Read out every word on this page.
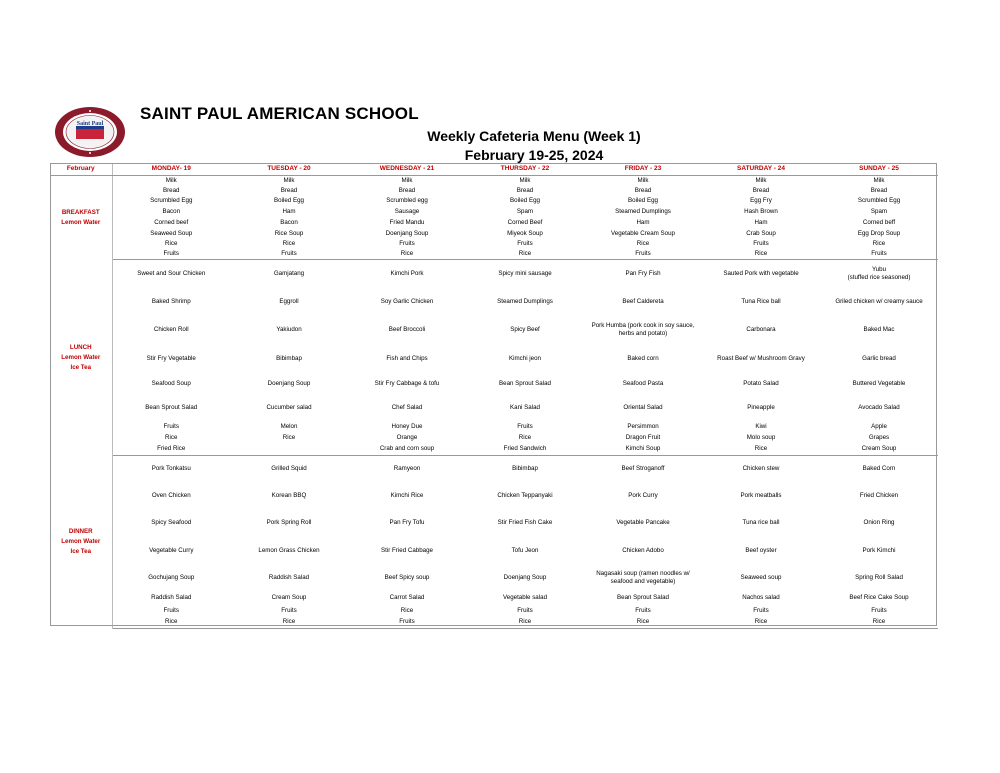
Saint Paul
SAINT PAUL AMERICAN SCHOOL
Weekly Cafeteria Menu (Week 1)
February 19-25, 2024
February	MONDAY- 19	TUESDAY - 20	WEDNESDAY - 21	THURSDAY - 22	FRIDAY - 23	SATURDAY - 24	SUNDAY - 25
BREAKFAST Lemon Water	Milk	Milk	Milk	Milk	Milk	Milk	Milk
	Bread	Bread	Bread	Bread	Bread	Bread	Bread
	Scrumbled Egg	Boiled Egg	Scrumbled egg	Boiled Egg	Boiled Egg	Egg Fry	Scrumbled Egg
	Bacon	Ham	Sausage	Spam	Steamed Dumplings	Hash Brown	Spam
	Corned beef	Bacon	Fried Mandu	Corned Beef	Ham	Ham	Corned beff
	Seaweed Soup	Rice Soup	Doenjang Soup	Miyeok Soup	Vegetable Cream Soup	Crab Soup	Egg Drop Soup
	Rice	Rice	Fruits	Fruits	Rice	Fruits	Rice
	Fruits	Fruits	Rice	Rice	Fruits	Rice	Fruits
LUNCH
Lemon Water
Ice Tea	Sweet and Sour Chicken	Gamjatang	Kimchi Pork	Spicy mini sausage	Pan Fry Fish	Sauted Pork with vegetable	Yubu
(stuffed rice seasoned)
	Baked Shrimp	Eggroll	Soy Garlic Chicken	Steamed Dumplings	Beef Caldereta	Tuna Rice ball	Griled chicken w/ creamy sauce
	Chicken Roll	Yakiudon	Beef Broccoli	Spicy Beef	Pork Humba (pork cook in soy sauce, herbs and potato)	Carbonara	Baked Mac
	Stir Fry Vegetable	Bibimbap	Fish and Chips	Kimchi jeon	Baked corn	Roast Beef w/ Mushroom Gravy	Garlic bread
	Seafood Soup	Doenjang Soup	Stir Fry Cabbage & tofu	Bean Sprout Salad	Seafood Pasta	Potato Salad	Buttered Vegetable
	Bean Sprout Salad	Cucumber salad	Chef Salad	Kani Salad	Oriental Salad	Pineapple	Avocado Salad
	Fruits	Melon	Honey Due	Fruits	Persimmon	Kiwi	Apple
	Rice	Rice	Orange	Rice	Dragon Fruit	Molo soup	Grapes
	Fried Rice		Crab and corn soup	Fried Sandwich	Kimchi Soup	Rice	Cream Soup
DINNER
Lemon Water
Ice Tea	Pork Tonkatsu	Grilled Squid	Ramyeon	Bibimbap	Beef Stroganoff	Chicken stew	Baked Corn
	Oven Chicken	Korean BBQ	Kimchi Rice	Chicken Teppanyaki	Pork Curry	Pork meatballs	Fried Chicken
	Spicy Seafood	Pork Spring Roll	Pan Fry Tofu	Stir Fried Fish Cake	Vegetable Pancake	Tuna rice ball	Onion Ring
	Vegetable Curry	Lemon Grass Chicken	Stir Fried Cabbage	Tofu Jeon	Chicken Adobo	Beef oyster	Pork Kimchi
	Gochujang Soup	Raddish Salad	Beef Spicy soup	Doenjang Soup	Nagasaki soup (ramen noodles w/ seafood and vegetable)	Seaweed soup	Spring Roll Salad
	Raddish Salad	Cream Soup	Carrot Salad	Vegetable salad	Bean Sprout Salad	Nachos salad	Beef Rice Cake Soup
	Fruits	Fruits	Rice	Fruits	Fruits	Fruits	Fruits
	Rice	Rice	Fruits	Rice	Rice	Rice	Rice
